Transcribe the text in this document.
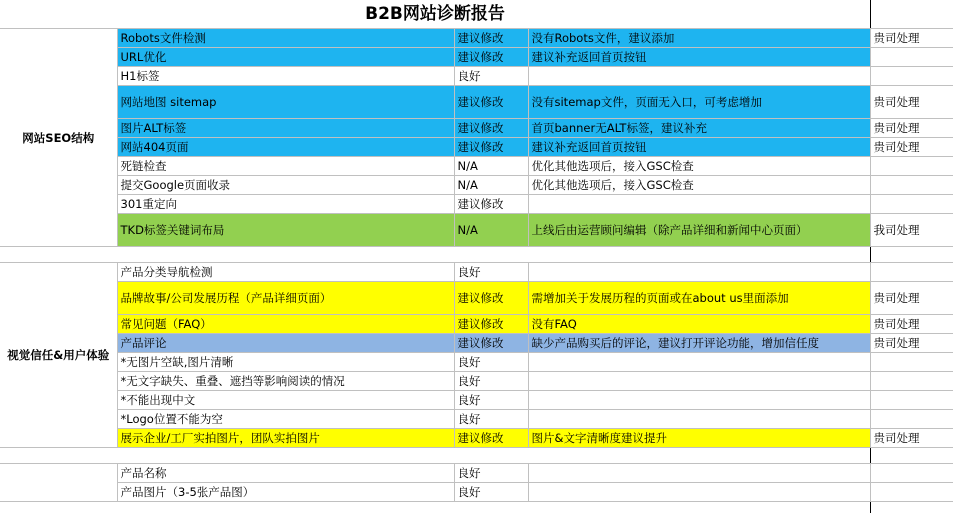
B2B网站诊断报告
网站SEO结构	Robots文件检测	建议修改	没有Robots文件，建议添加	贵司处理
	URL优化	建议修改	建议补充返回首页按钮	
	H1标签	良好		
	网站地图 sitemap	建议修改	没有sitemap文件，页面无入口，可考虑增加	贵司处理
	图片ALT标签	建议修改	首页banner无ALT标签，建议补充	贵司处理
	网站404页面	建议修改	建议补充返回首页按钮	贵司处理
	死链检查	N/A	优化其他选项后，接入GSC检查	
	提交Google页面收录	N/A	优化其他选项后，接入GSC检查	
	301重定向	建议修改		
	TKD标签关键词布局	N/A	上线后由运营顾问编辑（除产品详细和新闻中心页面）	我司处理

视觉信任&用户体验	产品分类导航检测	良好		
	品牌故事/公司发展历程（产品详细页面）	建议修改	需增加关于发展历程的页面或在about us里面添加	贵司处理
	常见问题（FAQ）	建议修改	没有FAQ	贵司处理
	产品评论	建议修改	缺少产品购买后的评论，建议打开评论功能，增加信任度	贵司处理
	*无图片空缺,图片清晰	良好		
	*无文字缺失、重叠、遮挡等影响阅读的情况	良好		
	*不能出现中文	良好		
	*Logo位置不能为空	良好		
	展示企业/工厂实拍图片，团队实拍图片	建议修改	图片&文字清晰度建议提升	贵司处理

	产品名称	良好		
	产品图片（3-5张产品图）	良好		
